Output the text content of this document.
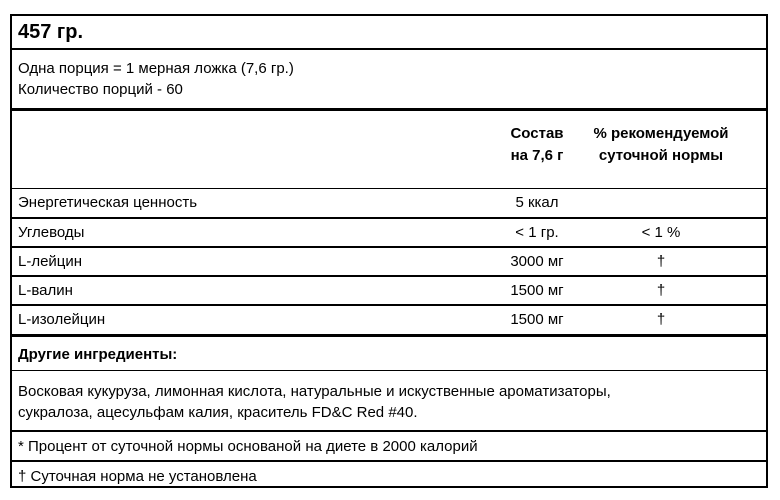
457 гр.
Одна порция = 1 мерная ложка (7,6 гр.)
Количество порций - 60
Состав
на 7,6 г
% рекомендуемой
суточной нормы
Энергетическая ценность	5 ккал
Углеводы	< 1 гр.	< 1 %
L-лейцин	3000 мг	†
L-валин	1500 мг	†
L-изолейцин	1500 мг	†
Другие ингредиенты:
Восковая кукуруза, лимонная кислота, натуральные и искуственные ароматизаторы,
сукралоза, ацесульфам калия, краситель FD&C Red #40.
* Процент от суточной нормы основаной на диете в 2000 калорий
† Суточная норма не установлена
